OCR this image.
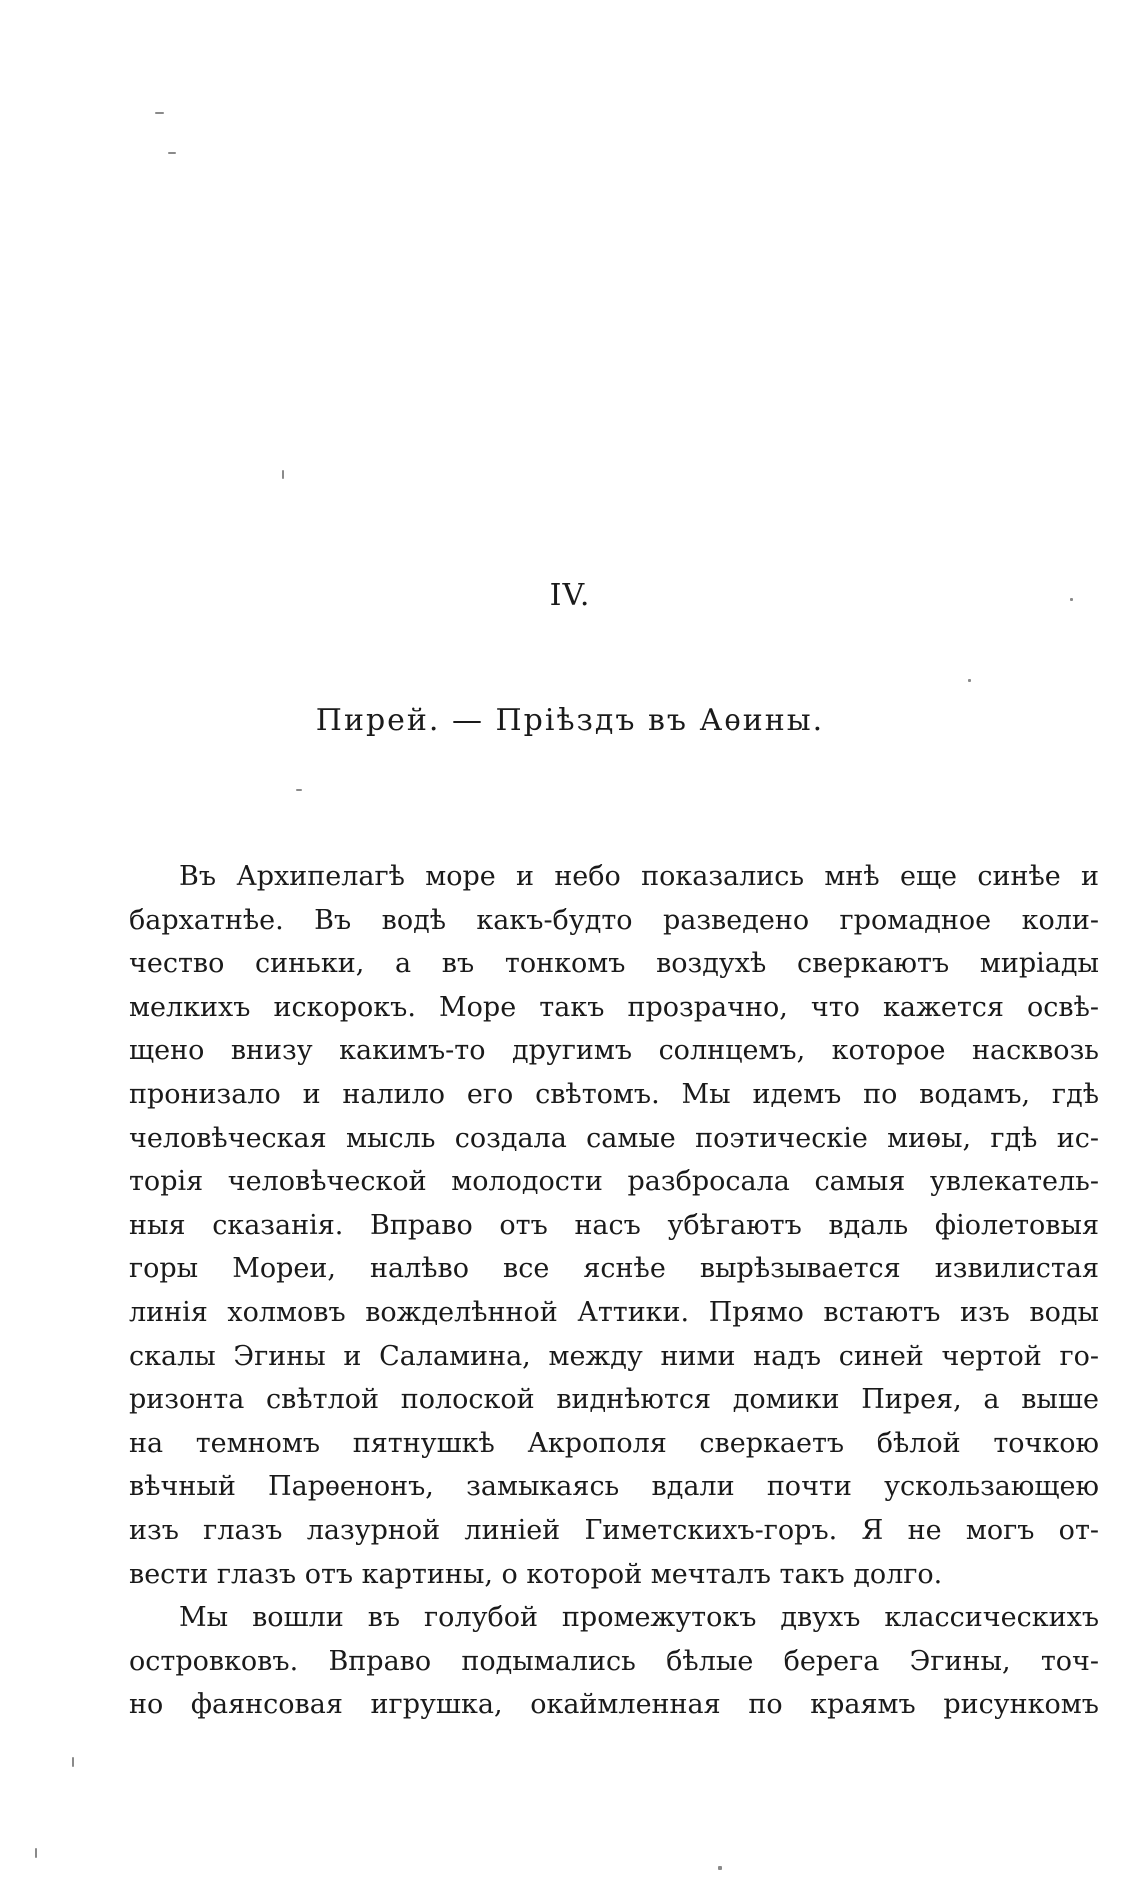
IV.
Пирей. — Пріѣздъ въ Аѳины.
Въ Архипелагѣ море и небо показались мнѣ еще синѣе и
бархатнѣе. Въ водѣ какъ-будто разведено громадное коли-
чество синьки, а въ тонкомъ воздухѣ сверкаютъ миріады
мелкихъ искорокъ. Море такъ прозрачно, что кажется освѣ-
щено внизу какимъ-то другимъ солнцемъ, которое насквозь
пронизало и налило его свѣтомъ. Мы идемъ по водамъ, гдѣ
человѣческая мысль создала самые поэтическіе миѳы, гдѣ ис-
торія человѣческой молодости разбросала самыя увлекатель-
ныя сказанія. Вправо отъ насъ убѣгаютъ вдаль фіолетовыя
горы Мореи, налѣво все яснѣе вырѣзывается извилистая
линія холмовъ вожделѣнной Аттики. Прямо встаютъ изъ воды
скалы Эгины и Саламина, между ними надъ синей чертой го-
ризонта свѣтлой полоской виднѣются домики Пирея, а выше
на темномъ пятнушкѣ Акрополя сверкаетъ бѣлой точкою
вѣчный Парѳенонъ, замыкаясь вдали почти ускользающею
изъ глазъ лазурной линіей Гиметскихъ-горъ. Я не могъ от-
вести глазъ отъ картины, о которой мечталъ такъ долго.
Мы вошли въ голубой промежутокъ двухъ классическихъ
островковъ. Вправо подымались бѣлые берега Эгины, точ-
но фаянсовая игрушка, окаймленная по краямъ рисункомъ
